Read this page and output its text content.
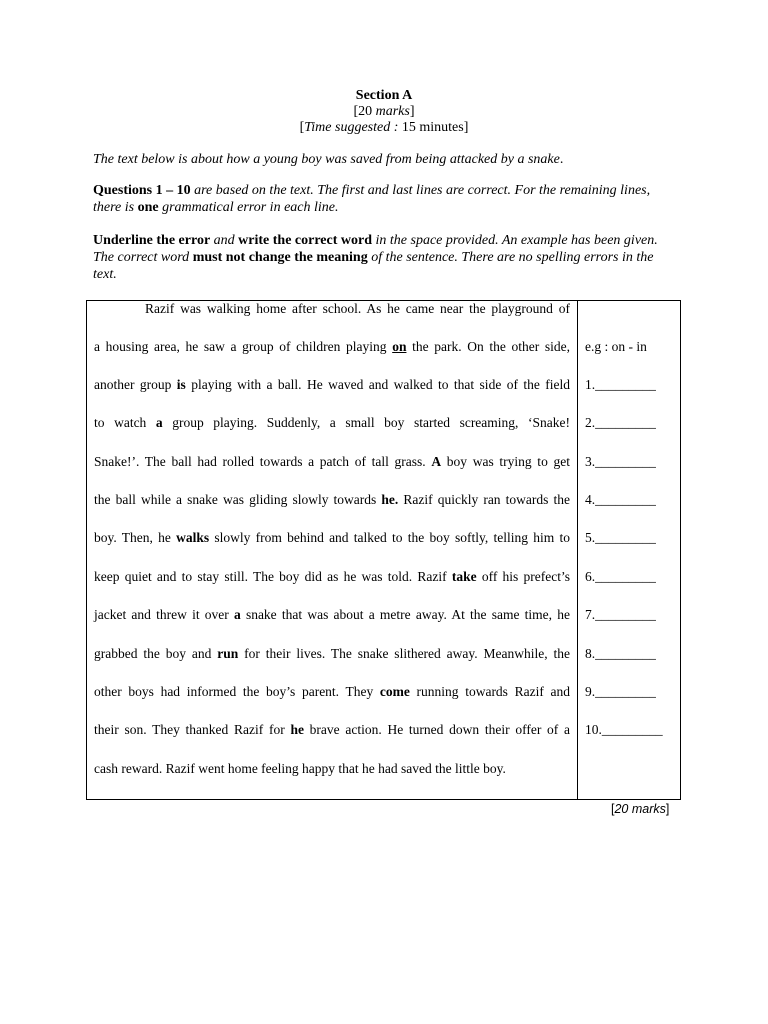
Section A
[20 marks]
[Time suggested : 15 minutes]
The text below is about how a young boy was saved from being attacked by a snake.
Questions 1 – 10 are based on the text. The first and last lines are correct. For the remaining lines, there is one grammatical error in each line.
Underline the error and write the correct word in the space provided. An example has been given. The correct word must not change the meaning of the sentence. There are no spelling errors in the text.
Razif was walking home after school. As he came near the playground of
a housing area, he saw a group of children playing on the park. On the other side,
another group is playing with a ball. He waved and walked to that side of the field
to watch a group playing. Suddenly, a small boy started screaming, ‘Snake!
Snake!’. The ball had rolled towards a patch of tall grass. A boy was trying to get
the ball while a snake was gliding slowly towards he. Razif quickly ran towards the
boy. Then, he walks slowly from behind and talked to the boy softly, telling him to
keep quiet and to stay still. The boy did as he was told. Razif take off his prefect’s
jacket and threw it over a snake that was about a metre away. At the same time, he
grabbed the boy and run for their lives. The snake slithered away. Meanwhile, the
other boys had informed the boy’s parent. They come running towards Razif and
their son. They thanked Razif for he brave action. He turned down their offer of a
cash reward. Razif went home feeling happy that he had saved the little boy.
e.g : on - in
1._________
2._________
3._________
4._________
5._________
6._________
7._________
8._________
9._________
10._________
[20 marks]
